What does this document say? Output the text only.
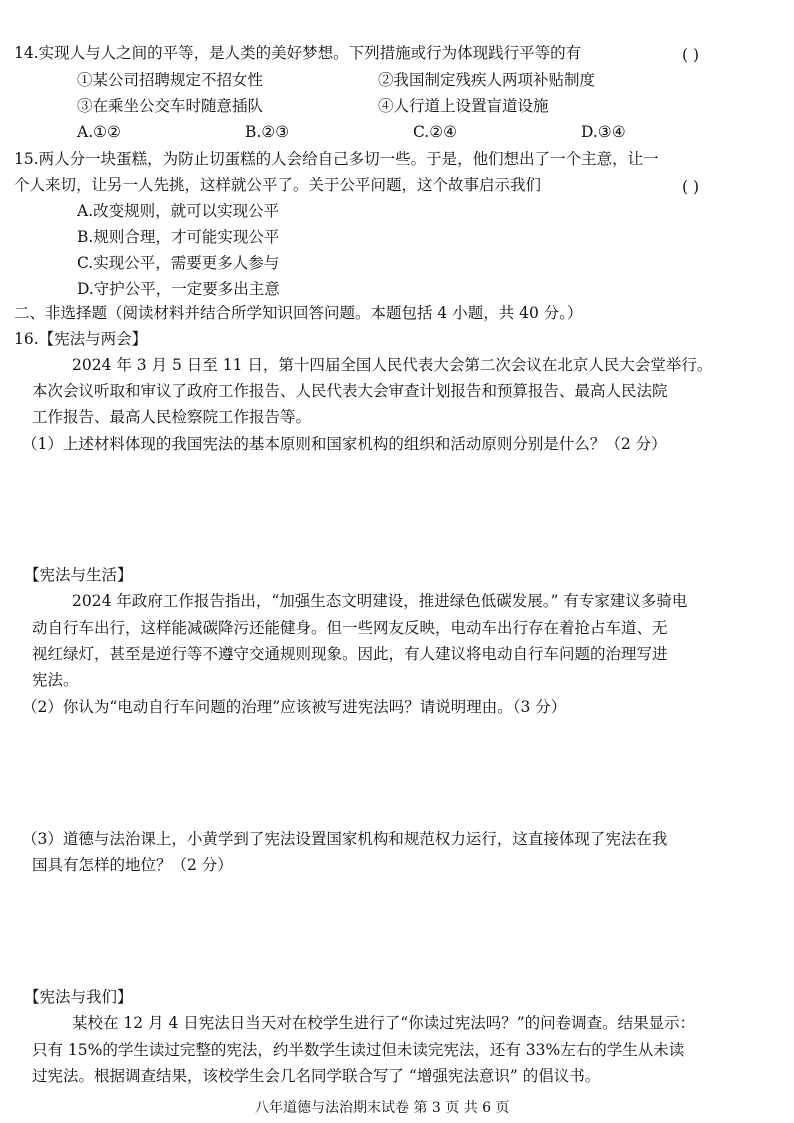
14.实现人与人之间的平等，是人类的美好梦想。下列措施或行为体现践行平等的有	( )
①某公司招聘规定不招女性	②我国制定残疾人两项补贴制度
③在乘坐公交车时随意插队	④人行道上设置盲道设施
A.①②	B.②③	C.②④	D.③④
15.两人分一块蛋糕，为防止切蛋糕的人会给自己多切一些。于是，他们想出了一个主意，让一
个人来切，让另一人先挑，这样就公平了。关于公平问题，这个故事启示我们	( )
A.改变规则，就可以实现公平
B.规则合理，才可能实现公平
C.实现公平，需要更多人参与
D.守护公平，一定要多出主意
二、非选择题（阅读材料并结合所学知识回答问题。本题包括 4 小题，共 40 分。）
16.【宪法与两会】
2024 年 3 月 5 日至 11 日，第十四届全国人民代表大会第二次会议在北京人民大会堂举行。
本次会议听取和审议了政府工作报告、人民代表大会审查计划报告和预算报告、最高人民法院
工作报告、最高人民检察院工作报告等。
（1）上述材料体现的我国宪法的基本原则和国家机构的组织和活动原则分别是什么？（2 分）
【宪法与生活】
2024 年政府工作报告指出，“加强生态文明建设，推进绿色低碳发展。” 有专家建议多骑电
动自行车出行，这样能减碳降污还能健身。但一些网友反映，电动车出行存在着抢占车道、无
视红绿灯，甚至是逆行等不遵守交通规则现象。因此，有人建议将电动自行车问题的治理写进
宪法。
（2）你认为“电动自行车问题的治理”应该被写进宪法吗？请说明理由。（3 分）
（3）道德与法治课上，小黄学到了宪法设置国家机构和规范权力运行，这直接体现了宪法在我
国具有怎样的地位？（2 分）
【宪法与我们】
某校在 12 月 4 日宪法日当天对在校学生进行了“你读过宪法吗？”的问卷调查。结果显示：
只有 15%的学生读过完整的宪法，约半数学生读过但未读完宪法，还有 33%左右的学生从未读
过宪法。根据调查结果，该校学生会几名同学联合写了 “增强宪法意识” 的倡议书。
八年道德与法治期末试卷 第 3 页 共 6 页
